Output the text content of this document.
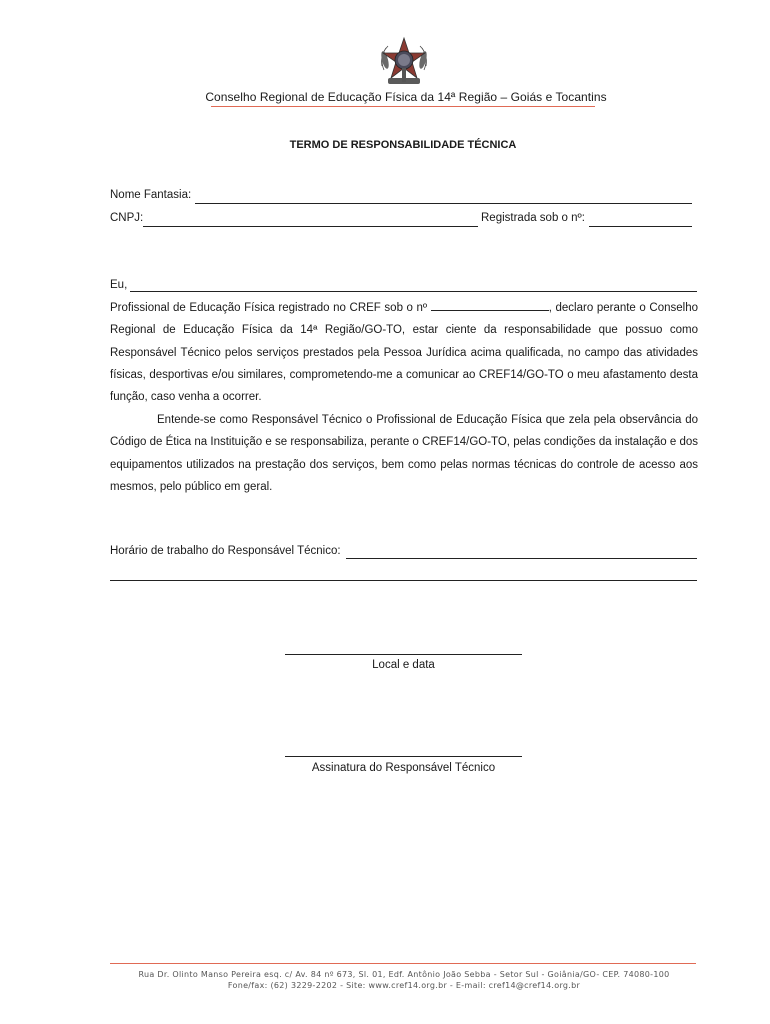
Conselho Regional de Educação Física da 14ª Região – Goiás e Tocantins
TERMO DE RESPONSABILIDADE TÉCNICA
Nome Fantasia:
CNPJ:	Registrada sob o nº:
Eu,

Profissional de Educação Física registrado no CREF sob o nº	, declaro perante o Conselho Regional de Educação Física da 14ª Região/GO-TO, estar ciente da responsabilidade que possuo como Responsável Técnico pelos serviços prestados pela Pessoa Jurídica acima qualificada, no campo das atividades físicas, desportivas e/ou similares, comprometendo-me a comunicar ao CREF14/GO-TO o meu afastamento desta função, caso venha a ocorrer.

Entende-se como Responsável Técnico o Profissional de Educação Física que zela pela observância do Código de Ética na Instituição e se responsabiliza, perante o CREF14/GO-TO, pelas condições da instalação e dos equipamentos utilizados na prestação dos serviços, bem como pelas normas técnicas do controle de acesso aos mesmos, pelo público em geral.

Horário de trabalho do Responsável Técnico:
Local e data
Assinatura do Responsável Técnico
Rua Dr. Olinto Manso Pereira esq. c/ Av. 84 nº 673, Sl. 01, Edf. Antônio João Sebba - Setor Sul - Goiânia/GO- CEP. 74080-100
Fone/fax: (62) 3229-2202 - Site: www.cref14.org.br - E-mail: cref14@cref14.org.br
